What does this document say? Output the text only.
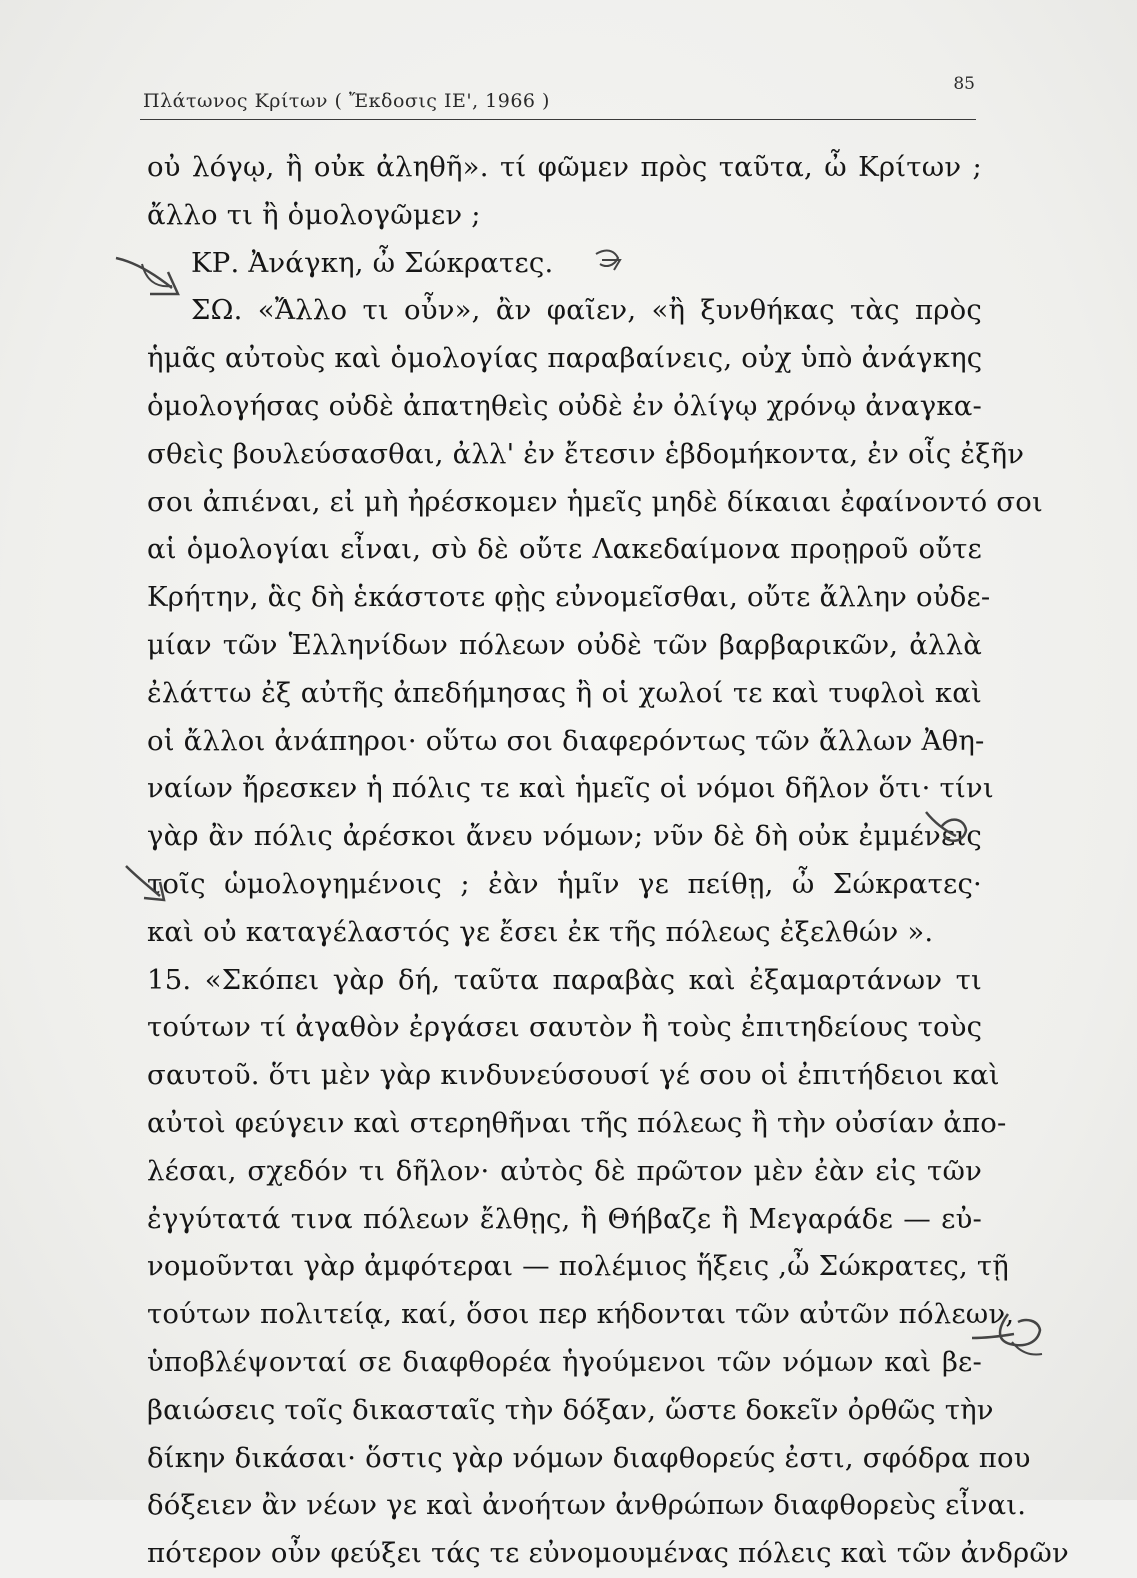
Πλάτωνος Κρίτων ( Ἔκδοσις ΙΕ', 1966 )
85
οὐ λόγῳ, ἢ οὐκ ἀληθῆ». τί φῶμεν πρὸς ταῦτα, ὦ Κρίτων ;
ἄλλο τι ἢ ὁμολογῶμεν ;
ΚΡ. Ἀνάγκη, ὦ Σώκρατες.
ΣΩ. «Ἄλλο τι οὖν», ἂν φαῖεν, «ἢ ξυνθήκας τὰς πρὸς
ἡμᾶς αὐτοὺς καὶ ὁμολογίας παραβαίνεις, οὐχ ὑπὸ ἀνάγκης
ὁμολογήσας οὐδὲ ἀπατηθεὶς οὐδὲ ἐν ὀλίγῳ χρόνῳ ἀναγκα-
σθεὶς βουλεύσασθαι, ἀλλ' ἐν ἔτεσιν ἑβδομήκοντα, ἐν οἷς ἐξῆν
σοι ἀπιέναι, εἰ μὴ ἠρέσκομεν ἡμεῖς μηδὲ δίκαιαι ἐφαίνοντό σοι
αἱ ὁμολογίαι εἶναι, σὺ δὲ οὔτε Λακεδαίμονα προῃροῦ οὔτε
Κρήτην, ἃς δὴ ἑκάστοτε φῂς εὐνομεῖσθαι, οὔτε ἄλλην οὐδε-
μίαν τῶν Ἑλληνίδων πόλεων οὐδὲ τῶν βαρβαρικῶν, ἀλλὰ
ἐλάττω ἐξ αὐτῆς ἀπεδήμησας ἢ οἱ χωλοί τε καὶ τυφλοὶ καὶ
οἱ ἄλλοι ἀνάπηροι· οὕτω σοι διαφερόντως τῶν ἄλλων Ἀθη-
ναίων ἤρεσκεν ἡ πόλις τε καὶ ἡμεῖς οἱ νόμοι δῆλον ὅτι· τίνι
γὰρ ἂν πόλις ἀρέσκοι ἄνευ νόμων; νῦν δὲ δὴ οὐκ ἐμμένεις
τοῖς ὡμολογημένοις ; ἐὰν ἡμῖν γε πείθῃ, ὦ Σώκρατες·
καὶ οὐ καταγέλαστός γε ἔσει ἐκ τῆς πόλεως ἐξελθών ».
15. «Σκόπει γὰρ δή, ταῦτα παραβὰς καὶ ἐξαμαρτάνων τι
τούτων τί ἀγαθὸν ἐργάσει σαυτὸν ἢ τοὺς ἐπιτηδείους τοὺς
σαυτοῦ. ὅτι μὲν γὰρ κινδυνεύσουσί γέ σου οἱ ἐπιτήδειοι καὶ
αὐτοὶ φεύγειν καὶ στερηθῆναι τῆς πόλεως ἢ τὴν οὐσίαν ἀπο-
λέσαι, σχεδόν τι δῆλον· αὐτὸς δὲ πρῶτον μὲν ἐὰν εἰς τῶν
ἐγγύτατά τινα πόλεων ἔλθῃς, ἢ Θήβαζε ἢ Μεγαράδε — εὐ-
νομοῦνται γὰρ ἀμφότεραι — πολέμιος ἥξεις ,ὦ Σώκρατες, τῇ
τούτων πολιτείᾳ, καί, ὅσοι περ κήδονται τῶν αὐτῶν πόλεων,
ὑποβλέψονταί σε διαφθορέα ἡγούμενοι τῶν νόμων καὶ βε-
βαιώσεις τοῖς δικασταῖς τὴν δόξαν, ὥστε δοκεῖν ὀρθῶς τὴν
δίκην δικάσαι· ὅστις γὰρ νόμων διαφθορεύς ἐστι, σφόδρα που
δόξειεν ἂν νέων γε καὶ ἀνοήτων ἀνθρώπων διαφθορεὺς εἶναι.
πότερον οὖν φεύξει τάς τε εὐνομουμένας πόλεις καὶ τῶν ἀνδρῶν
